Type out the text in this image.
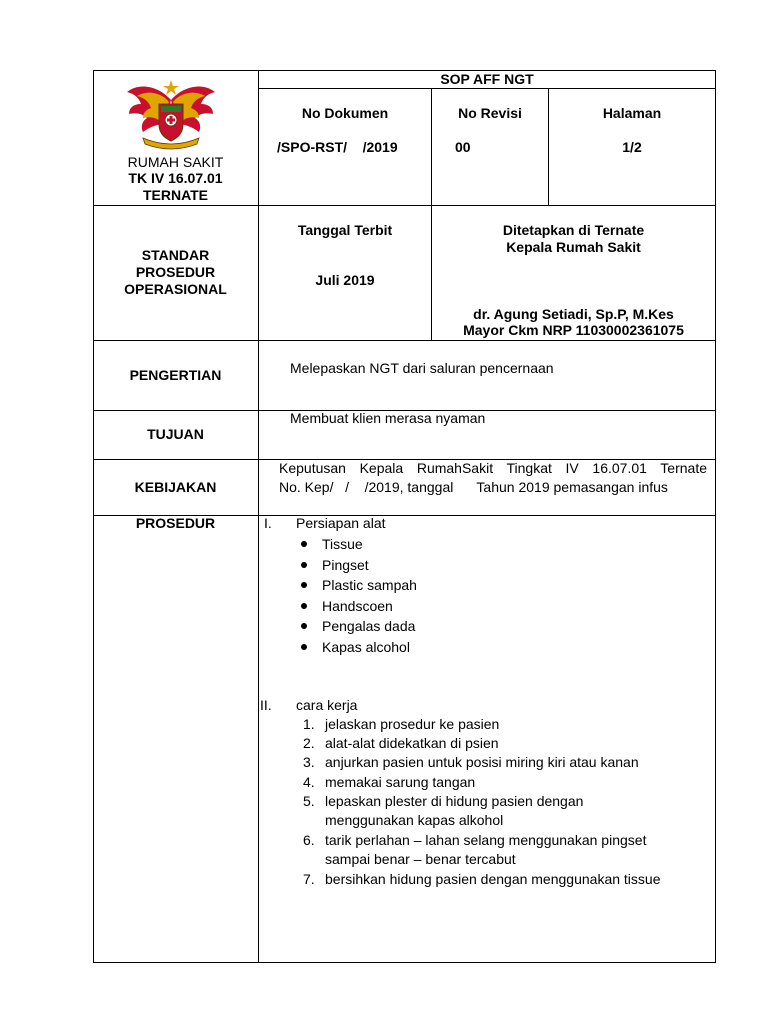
RUMAH SAKIT
TK IV 16.07.01
TERNATE
SOP AFF NGT
No Dokumen
/SPO-RST/    /2019
No Revisi
00
Halaman
1/2
STANDAR
PROSEDUR
OPERASIONAL
Tanggal Terbit
Juli 2019
Ditetapkan di Ternate
Kepala Rumah Sakit
dr. Agung Setiadi, Sp.P, M.Kes
Mayor Ckm NRP 11030002361075
PENGERTIAN	Melepaskan NGT dari saluran pencernaan
TUJUAN
Membuat klien merasa nyaman
KEBIJAKAN
Keputusan Kepala RumahSakit Tingkat IV 16.07.01 Ternate
No. Kep/   /    /2019, tanggal      Tahun 2019 pemasangan infus
PROSEDUR	I. Persiapan alat
Tissue
Pingset
Plastic sampah
Handscoen
Pengalas dada
Kapas alcohol
II. cara kerja
1. jelaskan prosedur ke pasien
2. alat-alat didekatkan di psien
3. anjurkan pasien untuk posisi miring kiri atau kanan
4. memakai sarung tangan
5. lepaskan plester di hidung pasien dengan
menggunakan kapas alkohol
6. tarik perlahan – lahan selang menggunakan pingset
sampai benar – benar tercabut
7. bersihkan hidung pasien dengan menggunakan tissue
